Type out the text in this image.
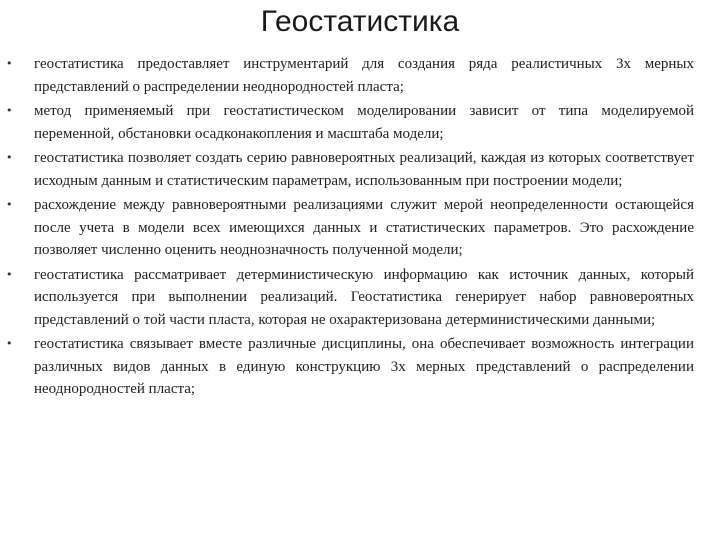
Геостатистика
• геостатистика предоставляет инструментарий для создания ряда реалистичных 3х мерных представлений о распределении неоднородностей пласта;
• метод применяемый при геостатистическом моделировании зависит от типа моделируемой переменной, обстановки осадконакопления и масштаба модели;
• геостатистика позволяет создать серию равновероятных реализаций, каждая из которых соответствует исходным данным и статистическим параметрам, использованным при построении модели;
• расхождение между равновероятными реализациями служит мерой неопределенности остающейся после учета в модели всех имеющихся данных и статистических параметров. Это расхождение позволяет численно оценить неоднозначность полученной модели;
• геостатистика рассматривает детерминистическую информацию как источник данных, который используется при выполнении реализаций. Геостатистика генерирует набор равновероятных представлений о той части пласта, которая не охарактеризована детерминистическими данными;
• геостатистика связывает вместе различные дисциплины, она обеспечивает возможность интеграции различных видов данных в единую конструкцию 3х мерных представлений о распределении неоднородностей пласта;
